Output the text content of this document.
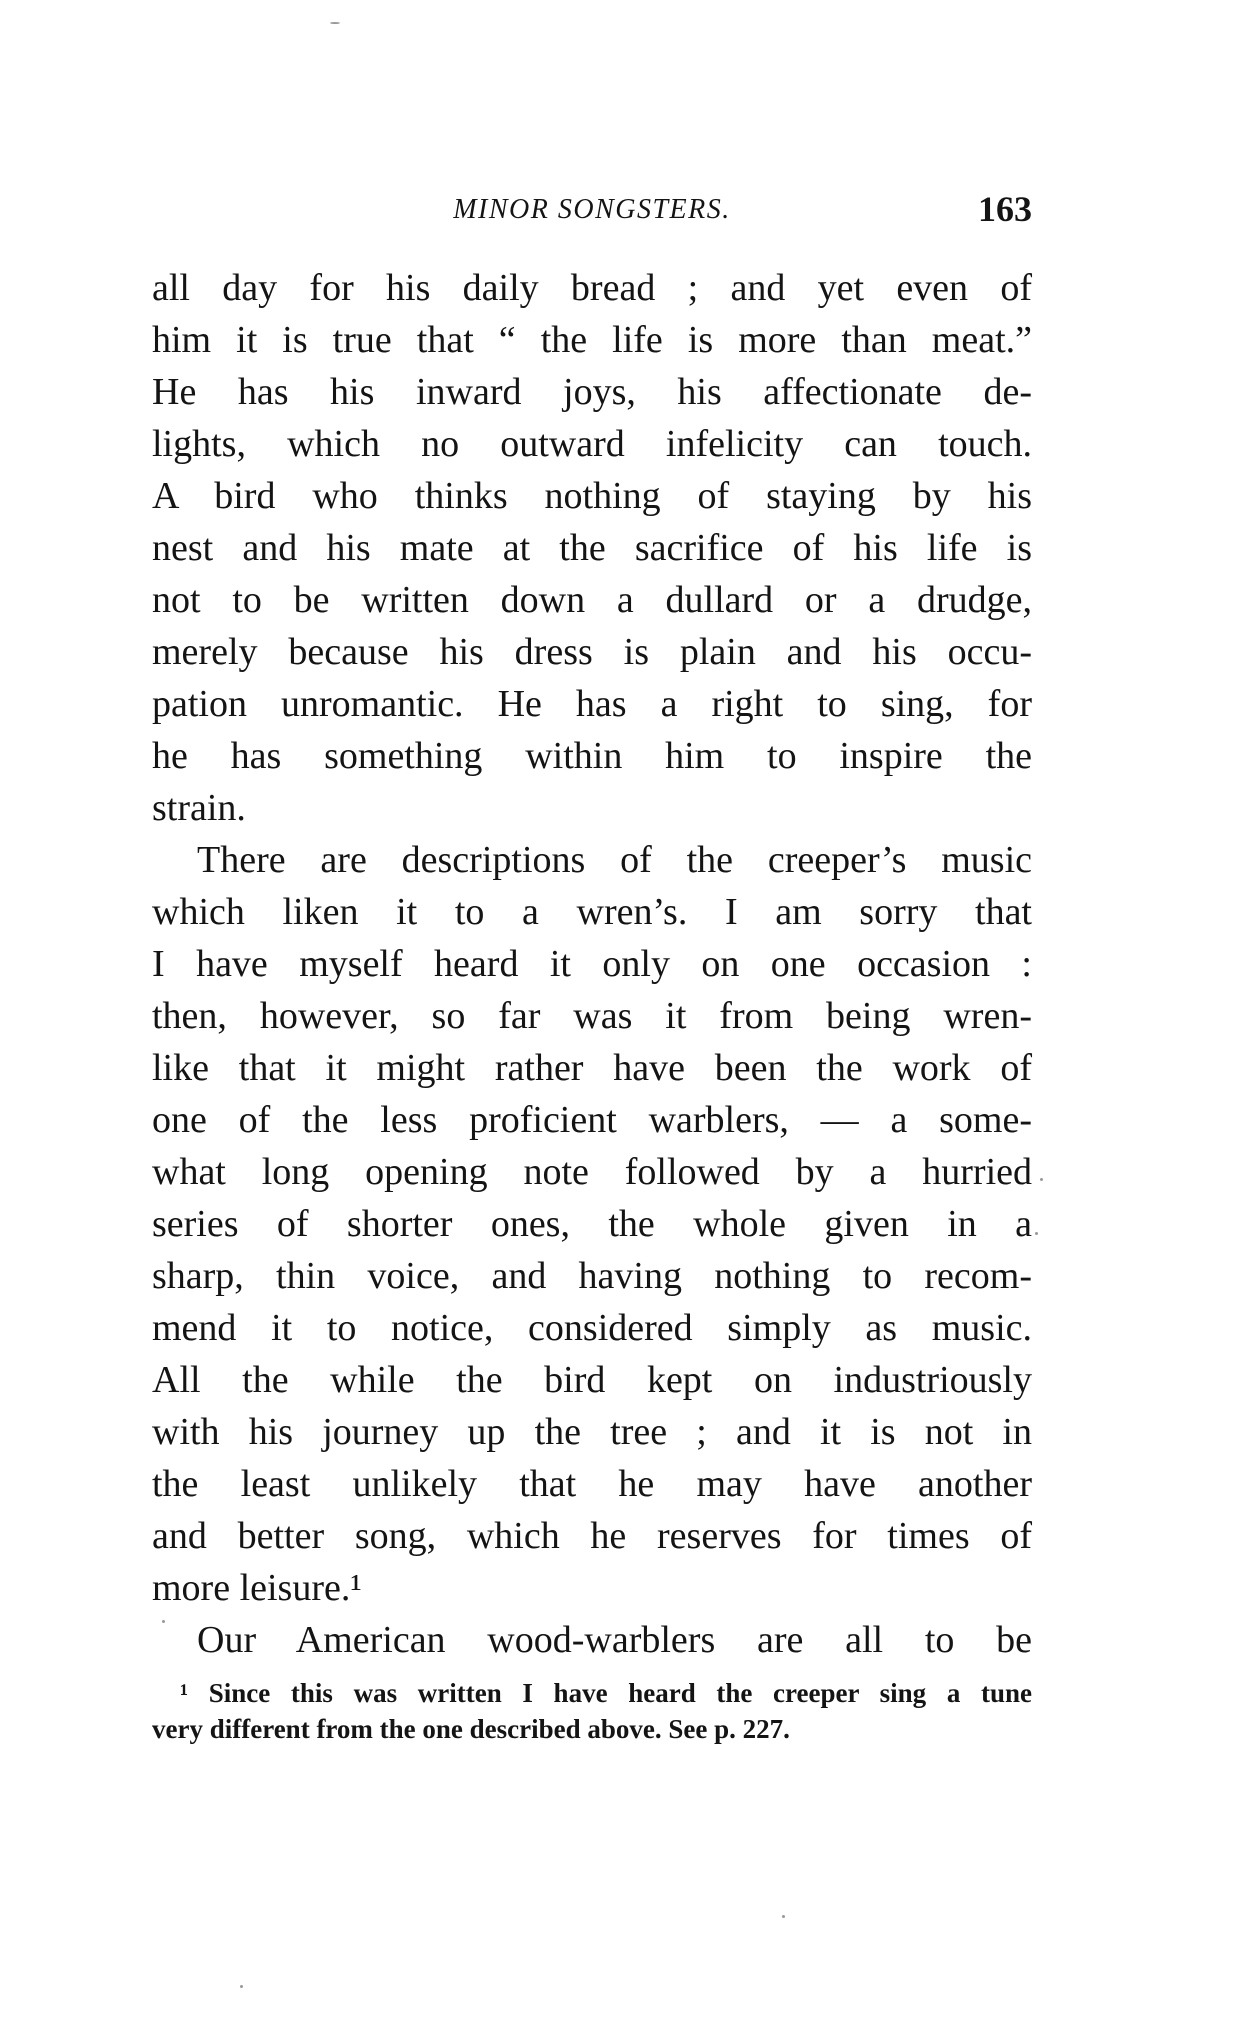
MINOR SONGSTERS.	163
all day for his daily bread ; and yet even of
him it is true that “ the life is more than meat.”
He has his inward joys, his affectionate de-
lights, which no outward infelicity can touch.
A bird who thinks nothing of staying by his
nest and his mate at the sacrifice of his life is
not to be written down a dullard or a drudge,
merely because his dress is plain and his occu-
pation unromantic. He has a right to sing, for
he has something within him to inspire the
strain.
There are descriptions of the creeper’s music
which liken it to a wren’s. I am sorry that
I have myself heard it only on one occasion :
then, however, so far was it from being wren-
like that it might rather have been the work of
one of the less proficient warblers, — a some-
what long opening note followed by a hurried
series of shorter ones, the whole given in a
sharp, thin voice, and having nothing to recom-
mend it to notice, considered simply as music.
All the while the bird kept on industriously
with his journey up the tree ; and it is not in
the least unlikely that he may have another
and better song, which he reserves for times of
more leisure.¹
Our American wood-warblers are all to be
¹ Since this was written I have heard the creeper sing a tune
very different from the one described above. See p. 227.
